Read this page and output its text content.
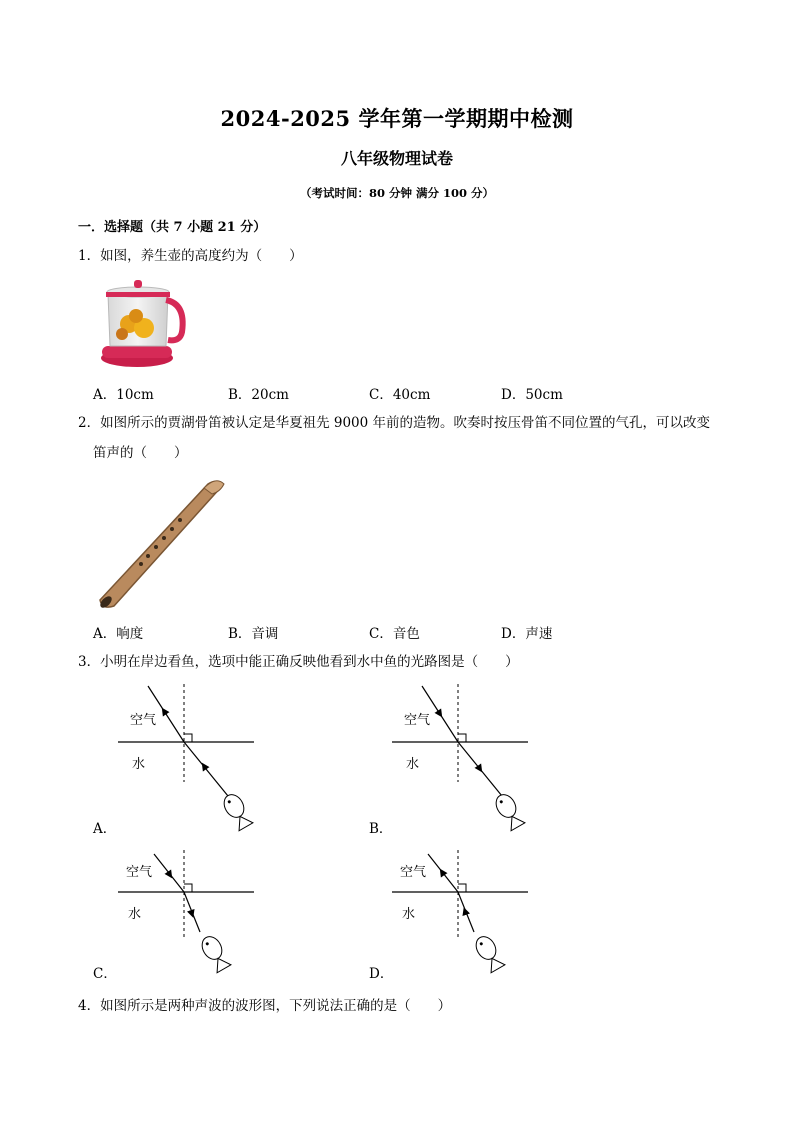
2024-2025 学年第一学期期中检测
八年级物理试卷
（考试时间：80 分钟 满分 100 分）
一．选择题（共 7 小题 21 分）
1．如图，养生壶的高度约为（　　）
A．10cm	B．20cm	C．40cm	D．50cm
2．如图所示的贾湖骨笛被认定是华夏祖先 9000 年前的造物。吹奏时按压骨笛不同位置的气孔，可以改变
笛声的（　　）
A．响度	B．音调	C．音色	D．声速
3．小明在岸边看鱼，选项中能正确反映他看到水中鱼的光路图是（　　）
空气
水
A．
空气
水
B．
空气
水
C．
空气
水
D．
4．如图所示是两种声波的波形图，下列说法正确的是（　　）
